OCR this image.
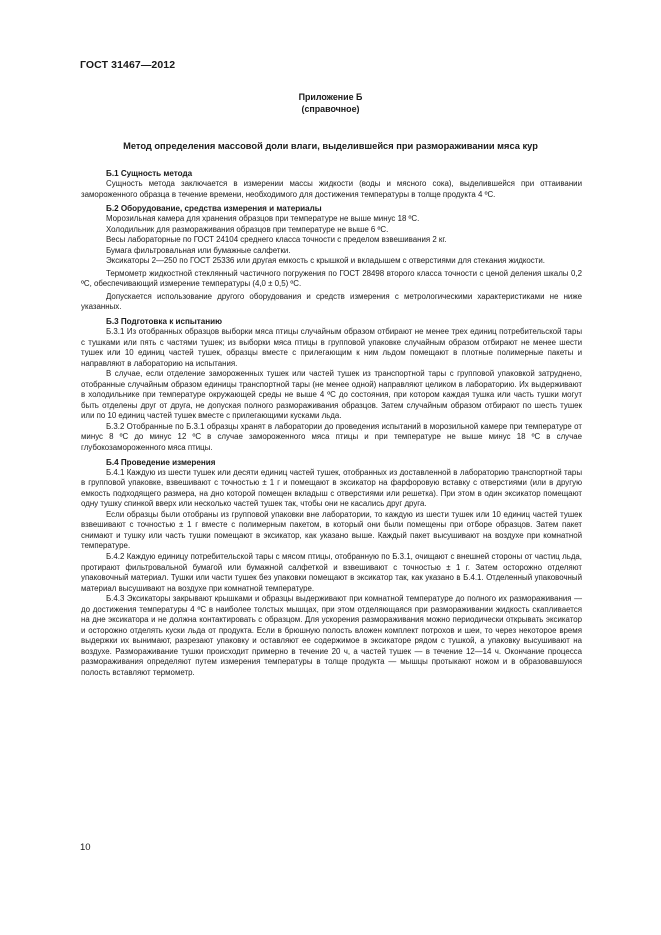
ГОСТ 31467—2012
Приложение Б
(справочное)
Метод определения массовой доли влаги, выделившейся при размораживании мяса кур
Б.1 Сущность метода

Сущность метода заключается в измерении массы жидкости (воды и мясного сока), выделившейся при оттаивании замороженного образца в течение времени, необходимого для достижения температуры в толще продукта 4 ºС.

Б.2 Оборудование, средства измерения и материалы

Морозильная камера для хранения образцов при температуре не выше минус 18 ºС.

Холодильник для размораживания образцов при температуре не выше 6 ºС.

Весы лабораторные по ГОСТ 24104 среднего класса точности с пределом взвешивания 2 кг.

Бумага фильтровальная или бумажные салфетки.

Эксикаторы 2—250 по ГОСТ 25336 или другая емкость с крышкой и вкладышем с отверстиями для стекания жидкости.

Термометр жидкостной стеклянный частичного погружения по ГОСТ 28498 второго класса точности с ценой деления шкалы 0,2 ºС, обеспечивающий измерение температуры (4,0 ± 0,5) ºС.

Допускается использование другого оборудования и средств измерения с метрологическими характеристиками не ниже указанных.

Б.3 Подготовка к испытанию

Б.3.1 Из отобранных образцов выборки мяса птицы случайным образом отбирают не менее трех единиц потребительской тары с тушками или пять с частями тушек; из выборки мяса птицы в групповой упаковке случайным образом отбирают не менее шести тушек или 10 единиц частей тушек, образцы вместе с прилегающим к ним льдом помещают в плотные полимерные пакеты и направляют в лабораторию на испытания.

В случае, если отделение замороженных тушек или частей тушек из транспортной тары с групповой упаковкой затруднено, отобранные случайным образом единицы транспортной тары (не менее одной) направляют целиком в лабораторию. Их выдерживают в холодильнике при температуре окружающей среды не выше 4 ºС до состояния, при котором каждая тушка или часть тушки могут быть отделены друг от друга, не допуская полного размораживания образцов. Затем случайным образом отбирают по шесть тушек или по 10 единиц частей тушек вместе с прилегающими кусками льда.

Б.3.2 Отобранные по Б.3.1 образцы хранят в лаборатории до проведения испытаний в морозильной камере при температуре от минус 8 ºС до минус 12 ºС в случае замороженного мяса птицы и при температуре не выше минус 18 ºС в случае глубокозамороженного мяса птицы.

Б.4 Проведение измерения

Б.4.1 Каждую из шести тушек или десяти единиц частей тушек, отобранных из доставленной в лабораторию транспортной тары в групповой упаковке, взвешивают с точностью ± 1 г и помещают в эксикатор на фарфоровую вставку с отверстиями (или в другую емкость подходящего размера, на дно которой помещен вкладыш с отверстиями или решетка). При этом в один эксикатор помещают одну тушку спинкой вверх или несколько частей тушек так, чтобы они не касались друг друга.

Если образцы были отобраны из групповой упаковки вне лаборатории, то каждую из шести тушек или 10 единиц частей тушек взвешивают с точностью ± 1 г вместе с полимерным пакетом, в который они были помещены при отборе образцов. Затем пакет снимают и тушку или часть тушки помещают в эксикатор, как указано выше. Каждый пакет высушивают на воздухе при комнатной температуре.

Б.4.2 Каждую единицу потребительской тары с мясом птицы, отобранную по Б.3.1, очищают с внешней стороны от частиц льда, протирают фильтровальной бумагой или бумажной салфеткой и взвешивают с точностью ± 1 г. Затем осторожно отделяют упаковочный материал. Тушки или части тушек без упаковки помещают в эксикатор так, как указано в Б.4.1. Отделенный упаковочный материал высушивают на воздухе при комнатной температуре.

Б.4.3 Эксикаторы закрывают крышками и образцы выдерживают при комнатной температуре до полного их размораживания — до достижения температуры 4 ºС в наиболее толстых мышцах, при этом отделяющаяся при размораживании жидкость скапливается на дне эксикатора и не должна контактировать с образцом. Для ускорения размораживания можно периодически открывать эксикатор и осторожно отделять куски льда от продукта. Если в брюшную полость вложен комплект потрохов и шеи, то через некоторое время выдержки их вынимают, разрезают упаковку и оставляют ее содержимое в эксикаторе рядом с тушкой, а упаковку высушивают на воздухе. Размораживание тушки происходит примерно в течение 20 ч, а частей тушек — в течение 12—14 ч. Окончание процесса размораживания определяют путем измерения температуры в толще продукта — мышцы протыкают ножом и в образовавшуюся полость вставляют термометр.

10
